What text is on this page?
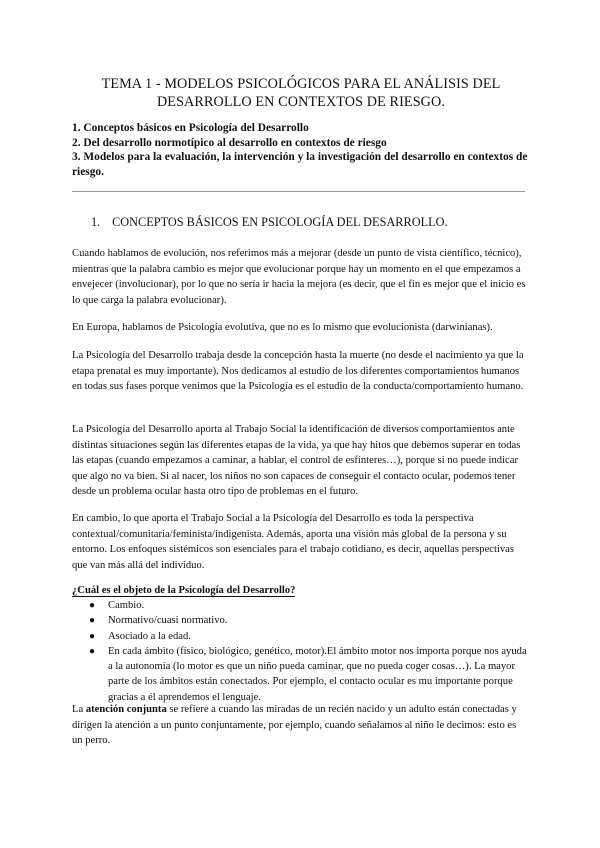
TEMA 1 - MODELOS PSICOLÓGICOS PARA EL ANÁLISIS DEL
DESARROLLO EN CONTEXTOS DE RIESGO.
1. Conceptos básicos en Psicología del Desarrollo
2. Del desarrollo normotípico al desarrollo en contextos de riesgo
3. Modelos para la evaluación, la intervención y la investigación del desarrollo en contextos de riesgo.
1. CONCEPTOS BÁSICOS EN PSICOLOGÍA DEL DESARROLLO.

Cuando hablamos de evolución, nos referimos más a mejorar (desde un punto de vista científico, técnico), mientras que la palabra cambio es mejor que evolucionar porque hay un momento en el que empezamos a envejecer (involucionar), por lo que no sería ir hacia la mejora (es decir, que el fin es mejor que el inicio es lo que carga la palabra evolucionar).

En Europa, hablamos de Psicología evolutiva, que no es lo mismo que evolucionista (darwinianas).

La Psicología del Desarrollo trabaja desde la concepción hasta la muerte (no desde el nacimiento ya que la etapa prenatal es muy importante). Nos dedicamos al estudio de los diferentes comportamientos humanos en todas sus fases porque venimos que la Psicología es el estudio de la conducta/comportamiento humano.

La Psicología del Desarrollo aporta al Trabajo Social la identificación de diversos comportamientos ante distintas situaciones según las diferentes etapas de la vida, ya que hay hitos que debemos superar en todas las etapas (cuando empezamos a caminar, a hablar, el control de esfínteres…), porque si no puede indicar que algo no va bien. Si al nacer, los niños no son capaces de conseguir el contacto ocular, podemos tener desde un problema ocular hasta otro tipo de problemas en el futuro.

En cambio, lo que aporta el Trabajo Social a la Psicología del Desarrollo es toda la perspectiva contextual/comunitaria/feminista/indigenista. Además, aporta una visión más global de la persona y su entorno. Los enfoques sistémicos son esenciales para el trabajo cotidiano, es decir, aquellas perspectivas que van más allá del individuo.

¿Cuál es el objeto de la Psicología del Desarrollo?
● Cambio.
● Normativo/cuasi normativo.
● Asociado a la edad.
● En cada ámbito (físico, biológico, genético, motor).El ámbito motor nos importa porque nos ayuda a la autonomía (lo motor es que un niño pueda caminar, que no pueda coger cosas…). La mayor parte de los ámbitos están conectados. Por ejemplo, el contacto ocular es mu importante porque gracias a él aprendemos el lenguaje.

La atención conjunta se refiere a cuando las miradas de un recién nacido y un adulto están conectadas y dirigen la atención a un punto conjuntamente, por ejemplo, cuando señalamos al niño le decimos: esto es un perro.
